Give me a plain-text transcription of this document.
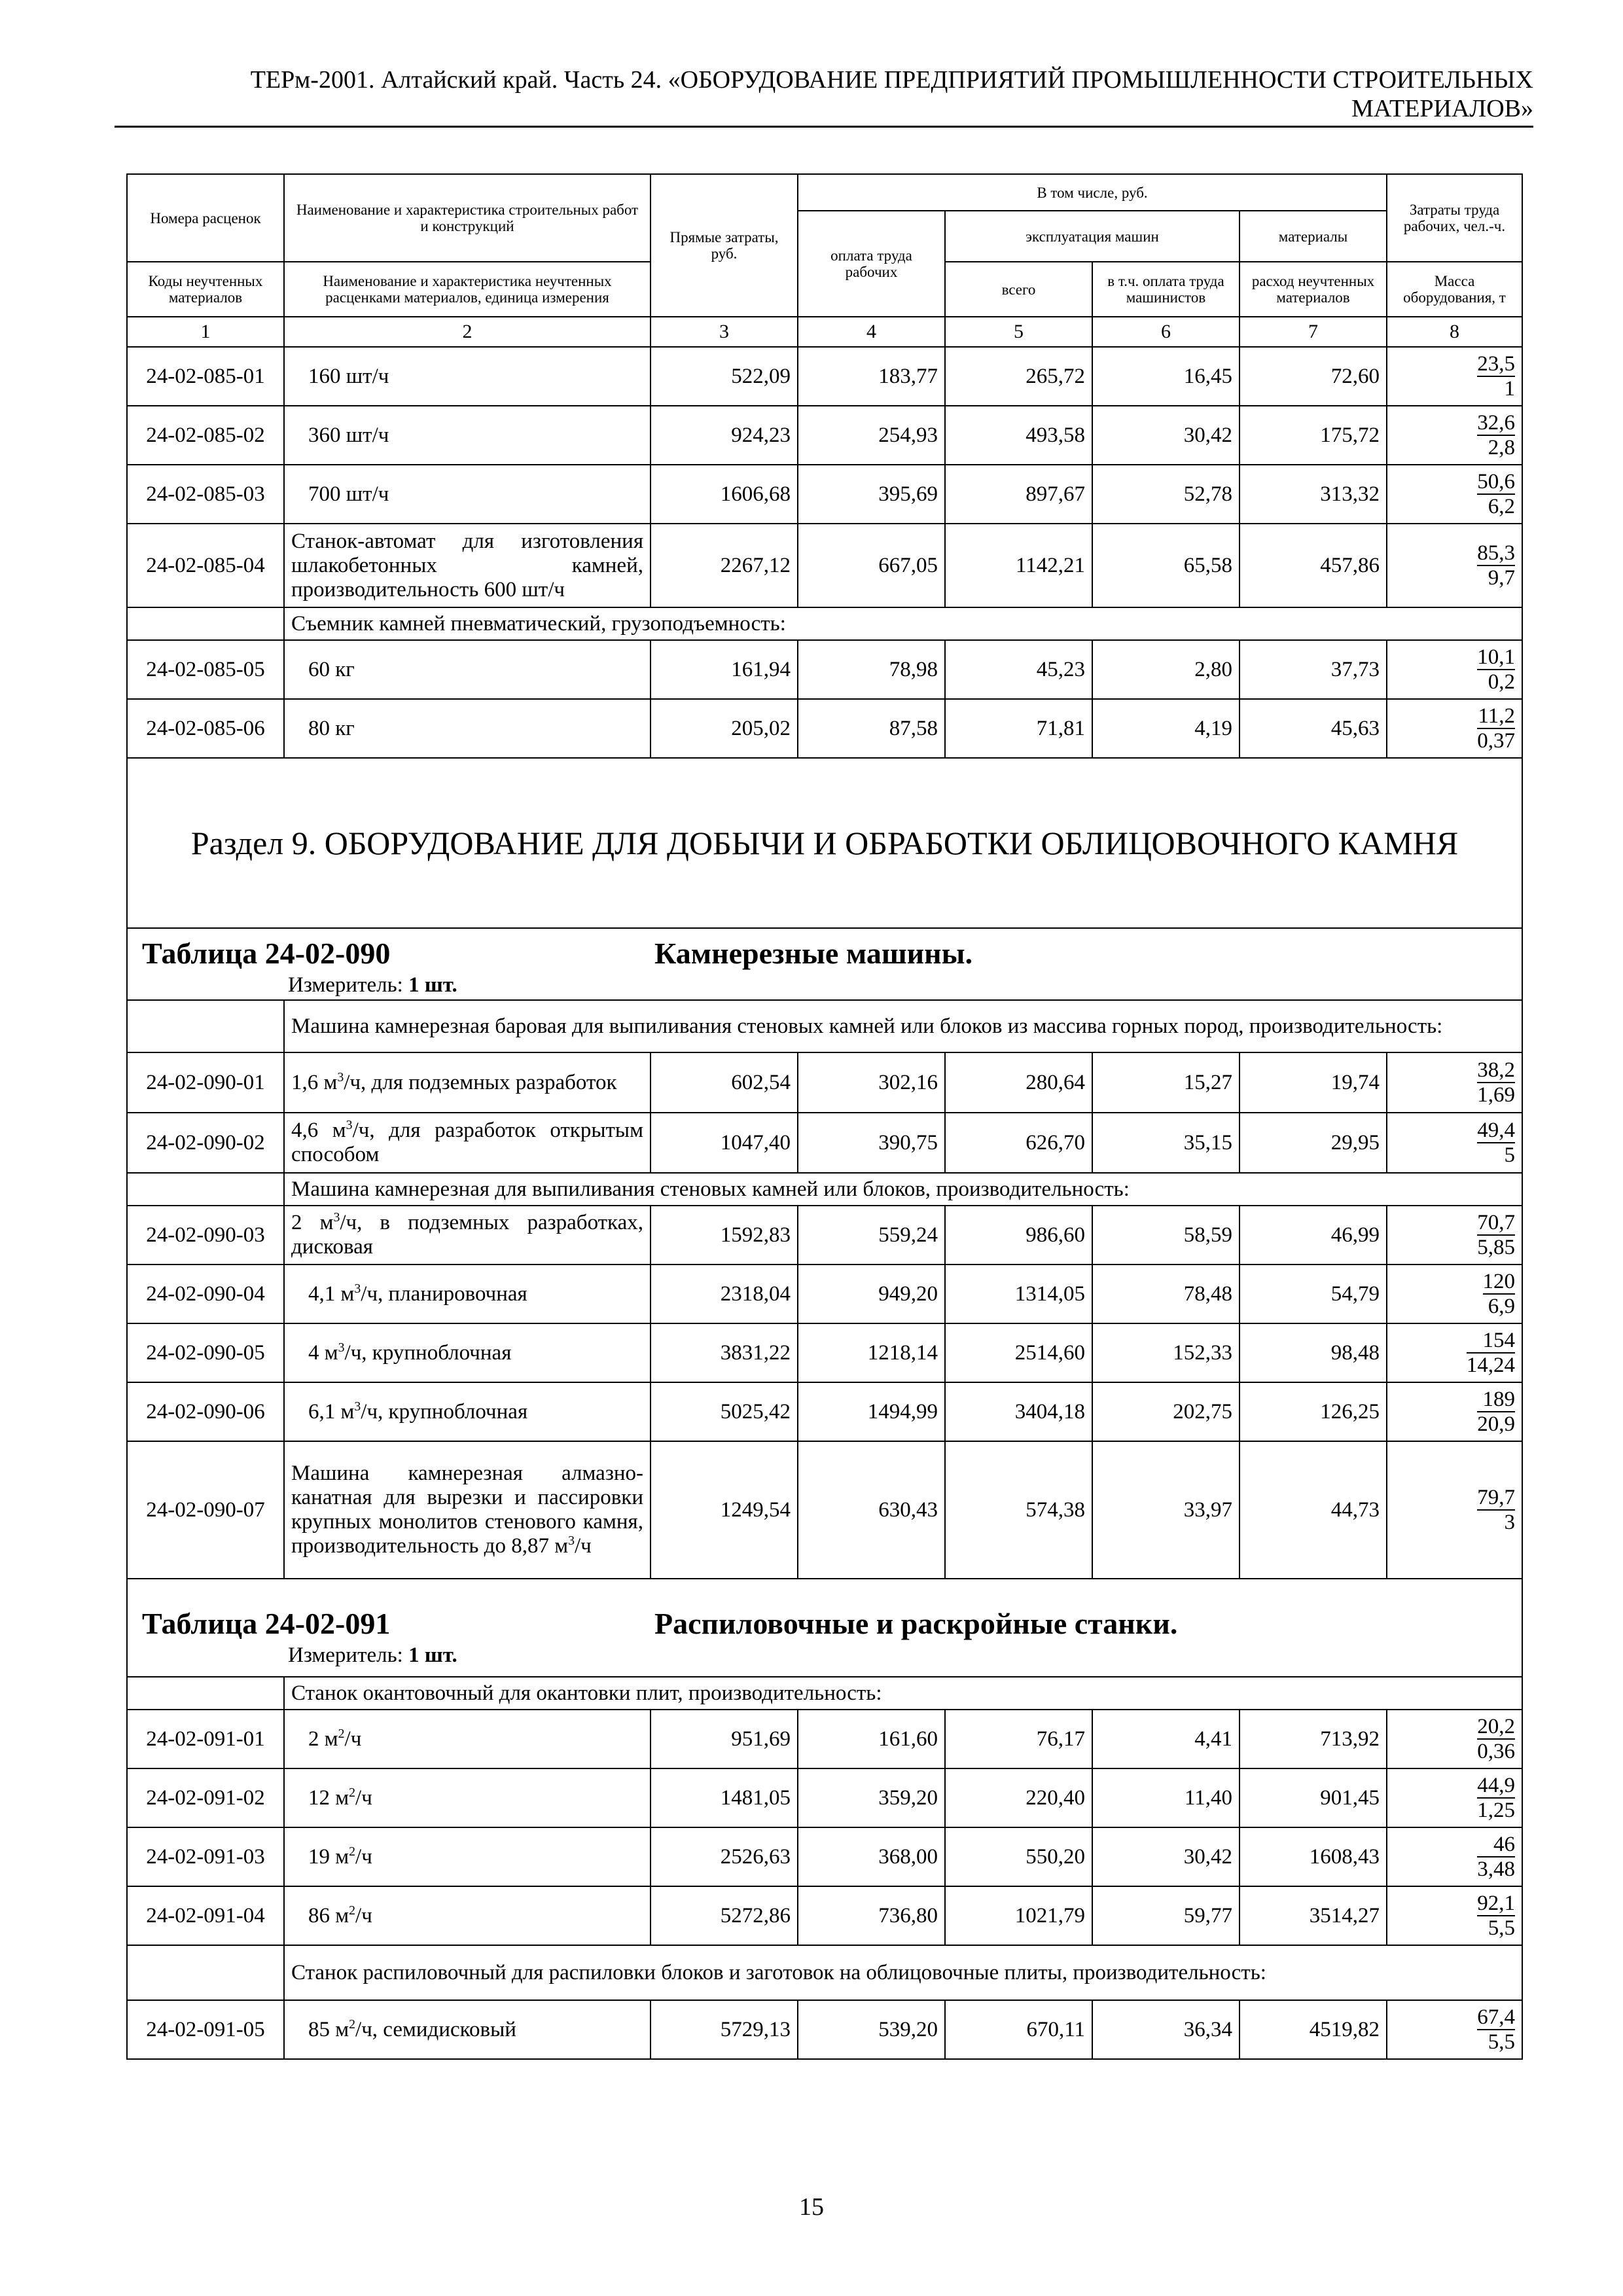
ТЕРм-2001. Алтайский край. Часть 24. «ОБОРУДОВАНИЕ ПРЕДПРИЯТИЙ ПРОМЫШЛЕННОСТИ СТРОИТЕЛЬНЫХ
МАТЕРИАЛОВ»
Номера расценок	Наименование и характеристика строительных работ и конструкций	Прямые затраты, руб.	В том числе, руб.				Затраты труда рабочих, чел.-ч.
			оплата труда рабочих	эксплуатация машин		материалы	
Коды неучтенных материалов	Наименование и характеристика неучтенных расценками материалов, единица измерения			всего	в т.ч. оплата труда машинистов	расход неучтенных материалов	Масса оборудования, т
1	2	3	4	5	6	7	8
24-02-085-01	160 шт/ч	522,09	183,77	265,72	16,45	72,60	$\frac{23,5}{1}$

24-02-085-02	360 шт/ч	924,23	254,93	493,58	30,42	175,72	$\frac{32,6}{2,8}$

24-02-085-03	700 шт/ч	1606,68	395,69	897,67	52,78	313,32	$\frac{50,6}{6,2}$

24-02-085-04	Станок-автомат для изготовления шлакобетонных камней, производительность 600 шт/ч	2267,12	667,05	1142,21	65,58	457,86	$\frac{85,3}{9,7}$

	Съемник камней пневматический, грузоподъемность:						
24-02-085-05	60 кг	161,94	78,98	45,23	2,80	37,73	$\frac{10,1}{0,2}$

24-02-085-06	80 кг	205,02	87,58	71,81	4,19	45,63	$\frac{11,2}{0,37}$

Раздел 9. ОБОРУДОВАНИЕ ДЛЯ ДОБЫЧИ И ОБРАБОТКИ ОБЛИЦОВОЧНОГО КАМНЯ							

Таблица 24-02-090 Камнерезные машины.
Измеритель: 1 шт.							

	Машина камнерезная баровая для выпиливания стеновых камней или блоков из массива горных пород, производительность:						
24-02-090-01	1,6 $м^3/ч$, для подземных разработок	602,54	302,16	280,64	15,27	19,74	$\frac{38,2}{1,69}$

24-02-090-02	4,6 $м^3/ч$, для разработок открытым способом	1047,40	390,75	626,70	35,15	29,95	$\frac{49,4}{5}$

	Машина камнерезная для выпиливания стеновых камней или блоков, производительность:						
24-02-090-03	2 $м^3/ч$, в подземных разработках, дисковая	1592,83	559,24	986,60	58,59	46,99	$\frac{70,7}{5,85}$

24-02-090-04	4,1 $м^3/ч$, планировочная	2318,04	949,20	1314,05	78,48	54,79	$\frac{120}{6,9}$

24-02-090-05	4 $м^3/ч$, крупноблочная	3831,22	1218,14	2514,60	152,33	98,48	$\frac{154}{14,24}$

24-02-090-06	6,1 $м^3/ч$, крупноблочная	5025,42	1494,99	3404,18	202,75	126,25	$\frac{189}{20,9}$

24-02-090-07	Машина камнерезная алмазно-канатная для вырезки и пассировки крупных монолитов стенового камня, производительность до 8,87 $м^3/ч$	1249,54	630,43	574,38	33,97	44,73	$\frac{79,7}{3}$

Таблица 24-02-091 Распиловочные и раскройные станки.
Измеритель: 1 шт.							

	Станок окантовочный для окантовки плит, производительность:						
24-02-091-01	2 $м^2/ч$	951,69	161,60	76,17	4,41	713,92	$\frac{20,2}{0,36}$

24-02-091-02	12 $м^2/ч$	1481,05	359,20	220,40	11,40	901,45	$\frac{44,9}{1,25}$

24-02-091-03	19 $м^2/ч$	2526,63	368,00	550,20	30,42	1608,43	$\frac{46}{3,48}$

24-02-091-04	86 $м^2/ч$	5272,86	736,80	1021,79	59,77	3514,27	$\frac{92,1}{5,5}$

	Станок распиловочный для распиловки блоков и заготовок на облицовочные плиты, производительность:						
24-02-091-05	85 $м^2/ч$, семидисковый	5729,13	539,20	670,11	36,34	4519,82	$\frac{67,4}{5,5}$
15
